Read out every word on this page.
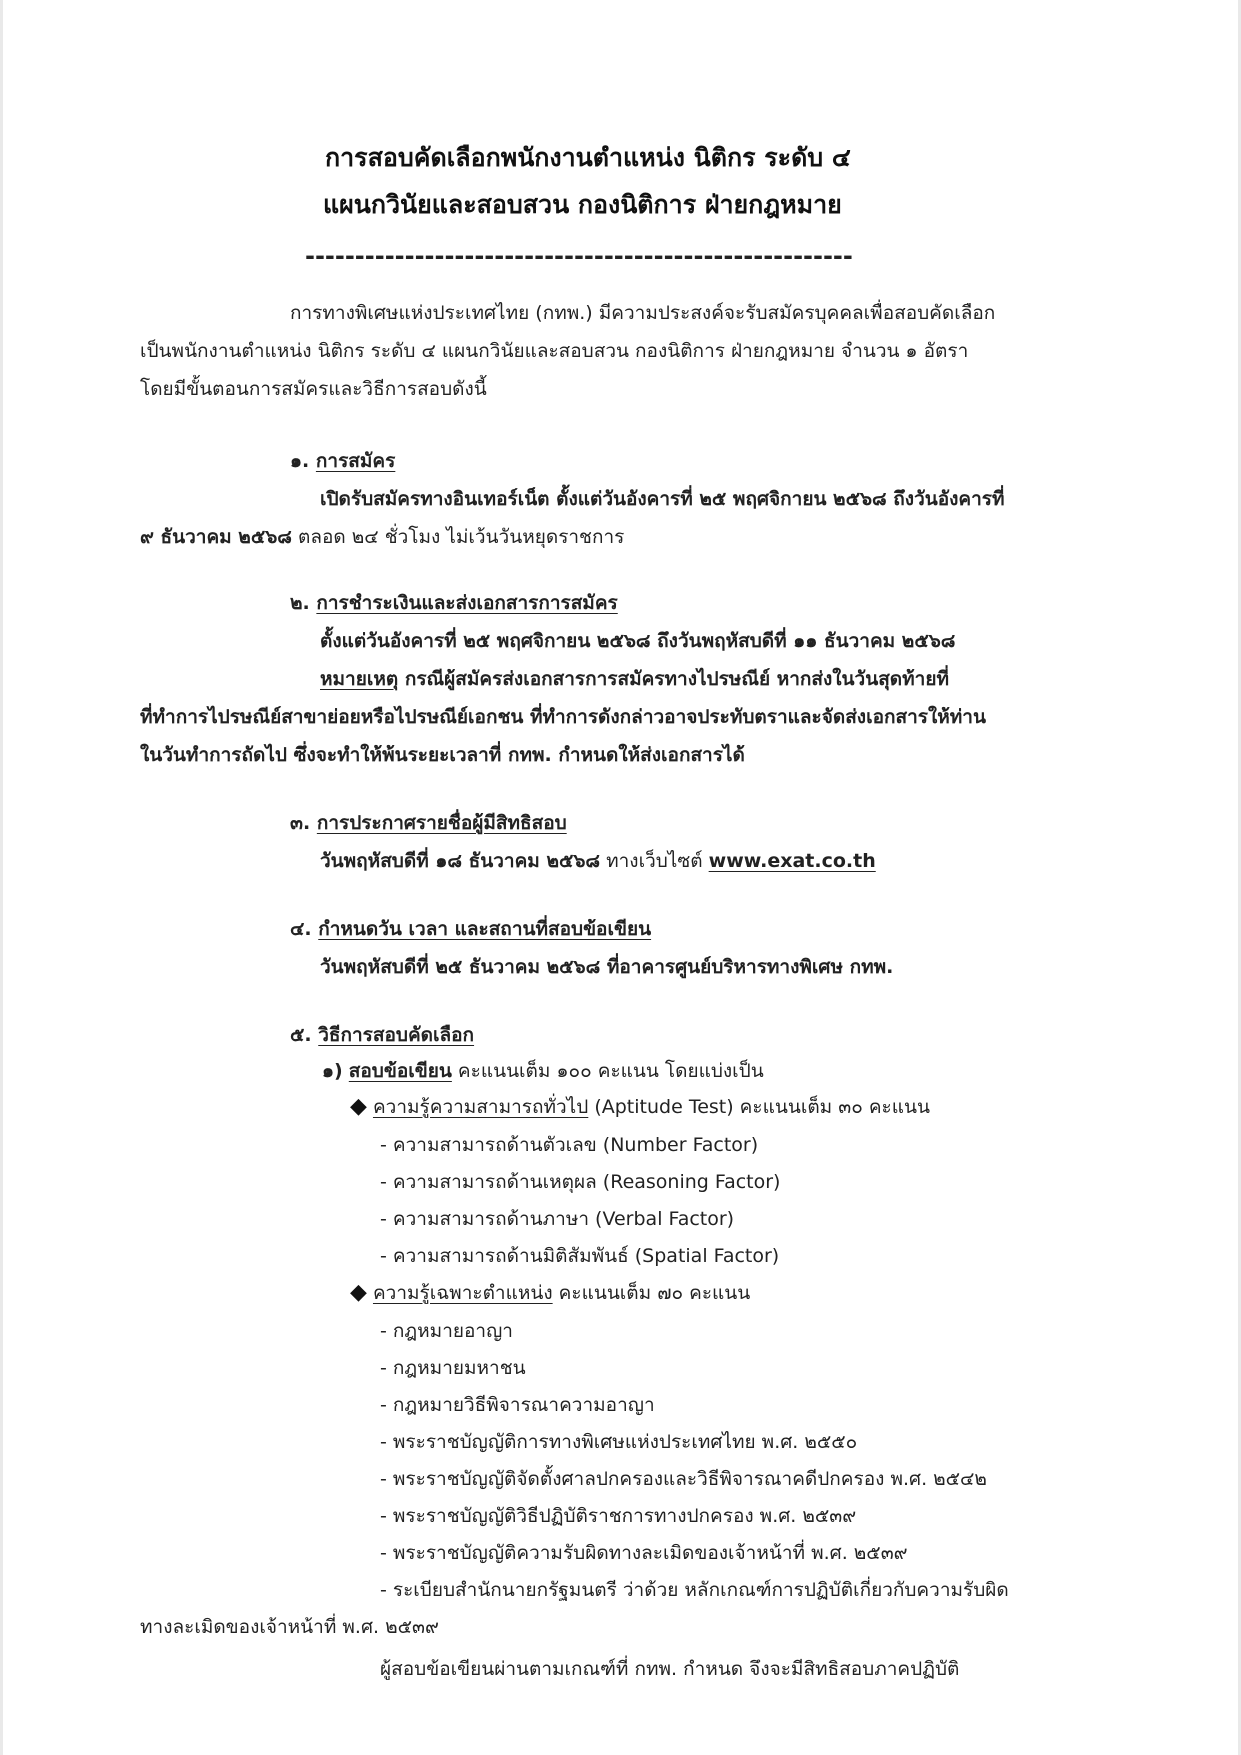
การสอบคัดเลือกพนักงานตำแหน่ง นิติกร ระดับ ๔
แผนกวินัยและสอบสวน กองนิติการ ฝ่ายกฎหมาย
-------------------------------------------------------
การทางพิเศษแห่งประเทศไทย (กทพ.) มีความประสงค์จะรับสมัครบุคคลเพื่อสอบคัดเลือก
เป็นพนักงานตำแหน่ง นิติกร ระดับ ๔ แผนกวินัยและสอบสวน กองนิติการ ฝ่ายกฎหมาย จำนวน ๑ อัตรา
โดยมีขั้นตอนการสมัครและวิธีการสอบดังนี้
๑. การสมัคร
เปิดรับสมัครทางอินเทอร์เน็ต ตั้งแต่วันอังคารที่ ๒๕ พฤศจิกายน ๒๕๖๘ ถึงวันอังคารที่
๙ ธันวาคม ๒๕๖๘ ตลอด ๒๔ ชั่วโมง ไม่เว้นวันหยุดราชการ
๒. การชำระเงินและส่งเอกสารการสมัคร
ตั้งแต่วันอังคารที่ ๒๕ พฤศจิกายน ๒๕๖๘ ถึงวันพฤหัสบดีที่ ๑๑ ธันวาคม ๒๕๖๘
หมายเหตุ กรณีผู้สมัครส่งเอกสารการสมัครทางไปรษณีย์ หากส่งในวันสุดท้ายที่
ที่ทำการไปรษณีย์สาขาย่อยหรือไปรษณีย์เอกชน ที่ทำการดังกล่าวอาจประทับตราและจัดส่งเอกสารให้ท่าน
ในวันทำการถัดไป ซึ่งจะทำให้พ้นระยะเวลาที่ กทพ. กำหนดให้ส่งเอกสารได้
๓. การประกาศรายชื่อผู้มีสิทธิสอบ
วันพฤหัสบดีที่ ๑๘ ธันวาคม ๒๕๖๘ ทางเว็บไซต์ www.exat.co.th
๔. กำหนดวัน เวลา และสถานที่สอบข้อเขียน
วันพฤหัสบดีที่ ๒๕ ธันวาคม ๒๕๖๘ ที่อาคารศูนย์บริหารทางพิเศษ กทพ.
๕. วิธีการสอบคัดเลือก
๑) สอบข้อเขียน คะแนนเต็ม ๑๐๐ คะแนน โดยแบ่งเป็น
◆ ความรู้ความสามารถทั่วไป (Aptitude Test) คะแนนเต็ม ๓๐ คะแนน
- ความสามารถด้านตัวเลข (Number Factor)
- ความสามารถด้านเหตุผล (Reasoning Factor)
- ความสามารถด้านภาษา (Verbal Factor)
- ความสามารถด้านมิติสัมพันธ์ (Spatial Factor)
◆ ความรู้เฉพาะตำแหน่ง คะแนนเต็ม ๗๐ คะแนน
- กฎหมายอาญา
- กฎหมายมหาชน
- กฎหมายวิธีพิจารณาความอาญา
- พระราชบัญญัติการทางพิเศษแห่งประเทศไทย พ.ศ. ๒๕๕๐
- พระราชบัญญัติจัดตั้งศาลปกครองและวิธีพิจารณาคดีปกครอง พ.ศ. ๒๕๔๒
- พระราชบัญญัติวิธีปฏิบัติราชการทางปกครอง พ.ศ. ๒๕๓๙
- พระราชบัญญัติความรับผิดทางละเมิดของเจ้าหน้าที่ พ.ศ. ๒๕๓๙
- ระเบียบสำนักนายกรัฐมนตรี ว่าด้วย หลักเกณฑ์การปฏิบัติเกี่ยวกับความรับผิด
ทางละเมิดของเจ้าหน้าที่ พ.ศ. ๒๕๓๙
ผู้สอบข้อเขียนผ่านตามเกณฑ์ที่ กทพ. กำหนด จึงจะมีสิทธิสอบภาคปฏิบัติ
